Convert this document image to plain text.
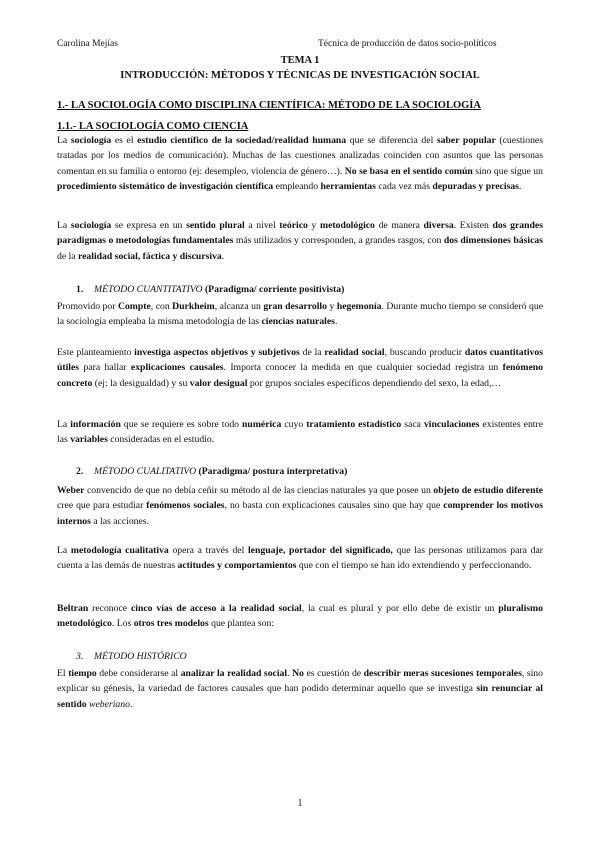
Carolina Mejías	Técnica de producción de datos socio-políticos
TEMA 1
INTRODUCCIÓN: MÉTODOS Y TÉCNICAS DE INVESTIGACIÓN SOCIAL
1.- LA SOCIOLOGÍA COMO DISCIPLINA CIENTÍFICA: MÉTODO DE LA SOCIOLOGÍA
1.1.- LA SOCIOLOGÍA COMO CIENCIA

La sociología es el estudio científico de la sociedad/realidad humana que se diferencia del saber popular (cuestiones tratadas por los medios de comunicación). Muchas de las cuestiones analizadas coinciden con asuntos que las personas comentan en su familia o entorno (ej: desempleo, violencia de género…). No se basa en el sentido común sino que sigue un procedimiento sistemático de investigación científica empleando herramientas cada vez más depuradas y precisas.

La sociología se expresa en un sentido plural a nivel teórico y metodológico de manera diversa. Existen dos grandes paradigmas o metodologías fundamentales más utilizados y corresponden, a grandes rasgos, con dos dimensiones básicas de la realidad social, fáctica y discursiva.

1. MÉTODO CUANTITATIVO (Paradigma/ corriente positivista)

Promovido por Compte, con Durkheim, alcanza un gran desarrollo y hegemonía. Durante mucho tiempo se consideró que la sociología empleaba la misma metodología de las ciencias naturales.

Este planteamiento investiga aspectos objetivos y subjetivos de la realidad social, buscando producir datos cuantitativos útiles para hallar explicaciones causales. Importa conocer la medida en que cualquier sociedad registra un fenómeno concreto (ej: la desigualdad) y su valor desigual por grupos sociales específicos dependiendo del sexo, la edad,…

La información que se requiere es sobre todo numérica cuyo tratamiento estadístico saca vinculaciones existentes entre las variables consideradas en el estudio.

2. MÉTODO CUALITATIVO (Paradigma/ postura interpretativa)

Weber convencido de que no debía ceñir su método al de las ciencias naturales ya que posee un objeto de estudio diferente cree que para estudiar fenómenos sociales, no basta con explicaciones causales sino que hay que comprender los motivos internos a las acciones.

La metodología cualitativa opera a través del lenguaje, portador del significado, que las personas utilizamos para dar cuenta a las demás de nuestras actitudes y comportamientos que con el tiempo se han ido extendiendo y perfeccionando.

Beltran reconoce cinco vías de acceso a la realidad social, la cual es plural y por ello debe de existir un pluralismo metodológico. Los otros tres modelos que plantea son:

3. MÉTODO HISTÓRICO

El tiempo debe considerarse al analizar la realidad social. No es cuestión de describir meras sucesiones temporales, sino explicar su génesis, la variedad de factores causales que han podido determinar aquello que se investiga sin renunciar al sentido weberiano.

1
